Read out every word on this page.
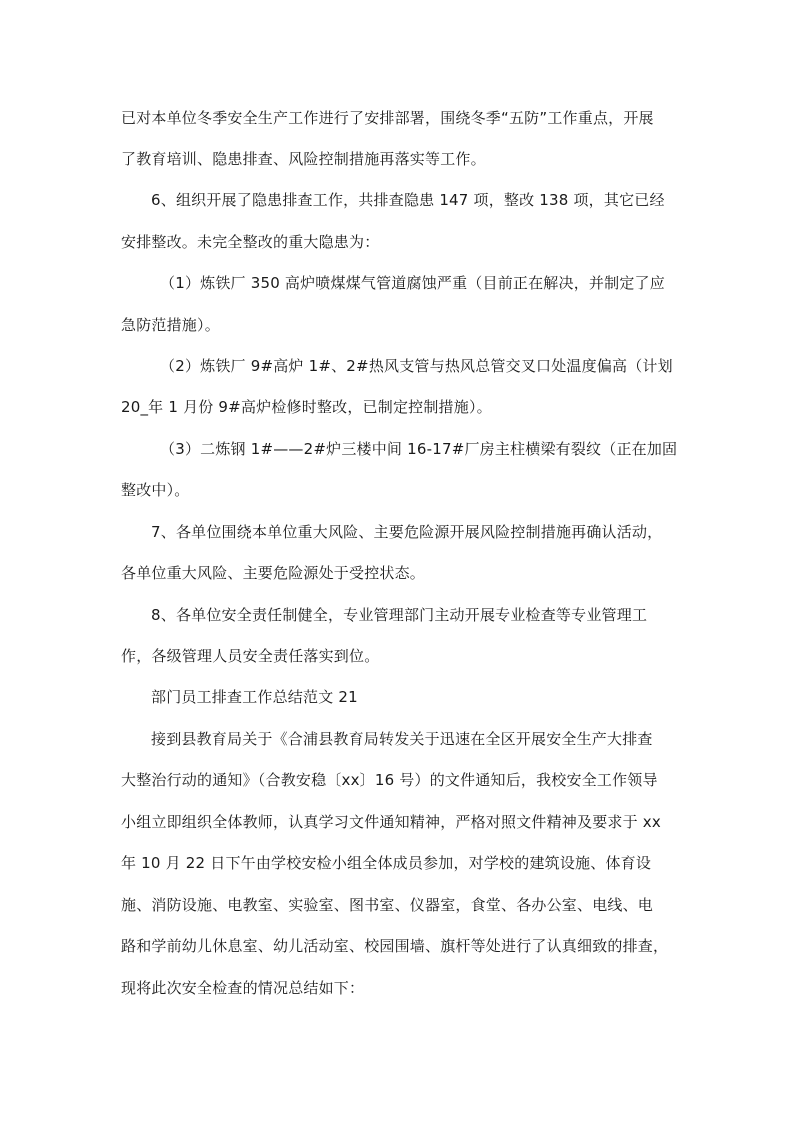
已对本单位冬季安全生产工作进行了安排部署，围绕冬季“五防”工作重点，开展
了教育培训、隐患排查、风险控制措施再落实等工作。
6、组织开展了隐患排查工作，共排查隐患 147 项，整改 138 项，其它已经
安排整改。未完全整改的重大隐患为：
（1）炼铁厂 350 高炉喷煤煤气管道腐蚀严重（目前正在解决，并制定了应
急防范措施）。
（2）炼铁厂 9#高炉 1#、2#热风支管与热风总管交叉口处温度偏高（计划
20_年 1 月份 9#高炉检修时整改，已制定控制措施）。
（3）二炼钢 1#——2#炉三楼中间 16-17#厂房主柱横梁有裂纹（正在加固
整改中）。
7、各单位围绕本单位重大风险、主要危险源开展风险控制措施再确认活动，
各单位重大风险、主要危险源处于受控状态。
8、各单位安全责任制健全，专业管理部门主动开展专业检查等专业管理工
作，各级管理人员安全责任落实到位。
部门员工排查工作总结范文 21
接到县教育局关于《合浦县教育局转发关于迅速在全区开展安全生产大排查
大整治行动的通知》（合教安稳〔xx〕16 号）的文件通知后，我校安全工作领导
小组立即组织全体教师，认真学习文件通知精神，严格对照文件精神及要求于 xx
年 10 月 22 日下午由学校安检小组全体成员参加，对学校的建筑设施、体育设
施、消防设施、电教室、实验室、图书室、仪器室，食堂、各办公室、电线、电
路和学前幼儿休息室、幼儿活动室、校园围墙、旗杆等处进行了认真细致的排查，
现将此次安全检查的情况总结如下：
